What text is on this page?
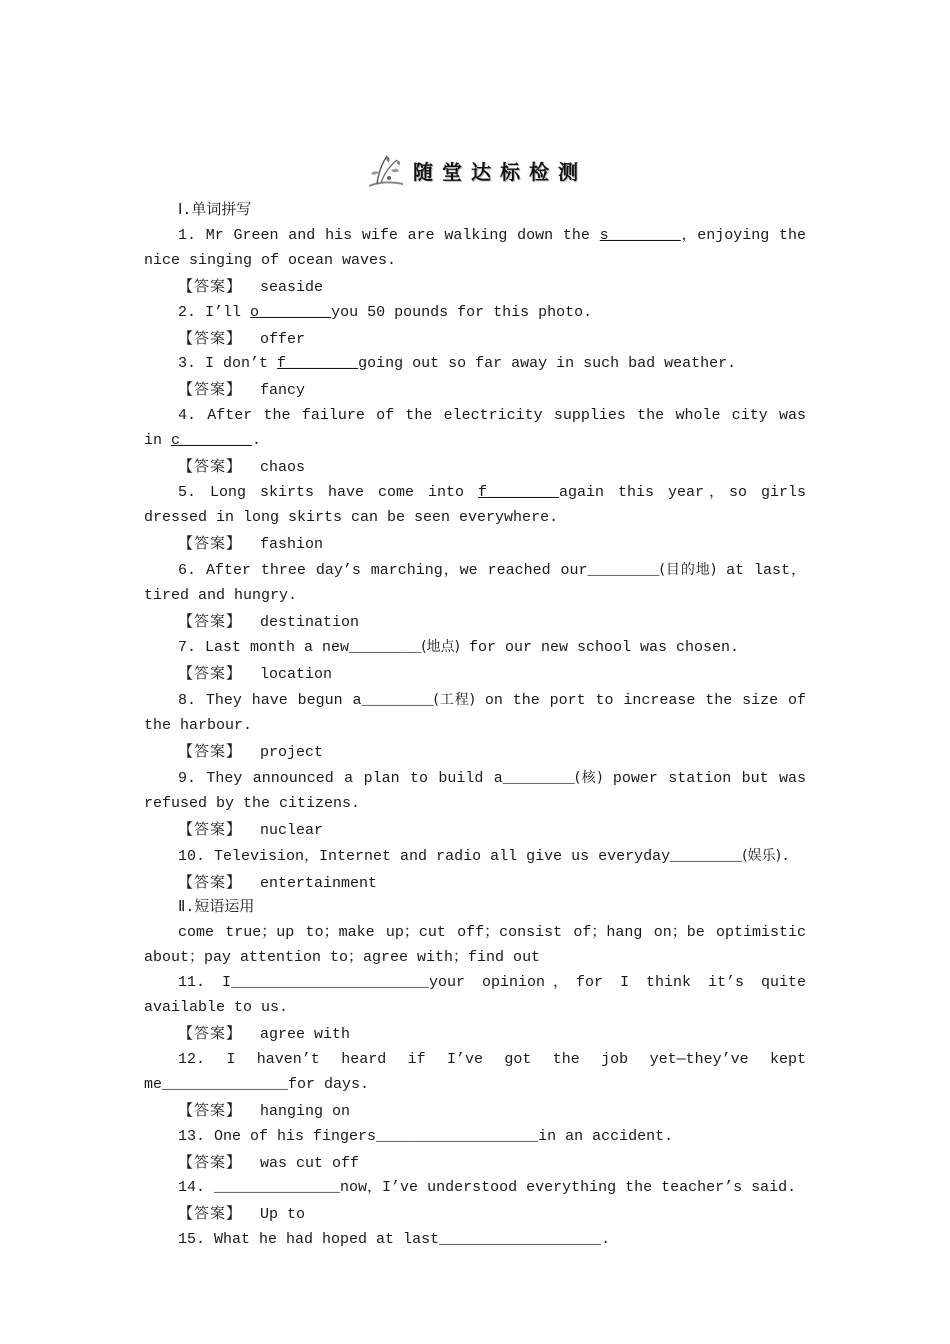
随堂达标检测
Ⅰ.单词拼写
1. Mr Green and his wife are walking down the s________，enjoying the nice singing of ocean waves.
【答案】 seaside
2. I’ll o________you 50 pounds for this photo.
【答案】 offer
3. I don’t f________going out so far away in such bad weather.
【答案】 fancy
4. After the failure of the electricity supplies the whole city was in c________.
【答案】 chaos
5. Long skirts have come into f________again this year，so girls dressed in long skirts can be seen everywhere.
【答案】 fashion
6. After three day’s marching，we reached our________(目的地) at last，tired and hungry.
【答案】 destination
7. Last month a new________(地点) for our new school was chosen.
【答案】 location
8. They have begun a________(工程) on the port to increase the size of the harbour.
【答案】 project
9. They announced a plan to build a________(核) power station but was refused by the citizens.
【答案】 nuclear
10. Television，Internet and radio all give us everyday________(娱乐).
【答案】 entertainment
Ⅱ.短语运用
come true；up to；make up；cut off；consist of；hang on；be optimistic about；pay attention to；agree with；find out
11. I______________________your opinion，for I think it’s quite available to us.
【答案】 agree with
12. I haven’t heard if I’ve got the job yet—they’ve kept me______________for days.
【答案】 hanging on
13. One of his fingers__________________in an accident.
【答案】 was cut off
14. ______________now，I’ve understood everything the teacher’s said.
【答案】 Up to
15. What he had hoped at last__________________.
